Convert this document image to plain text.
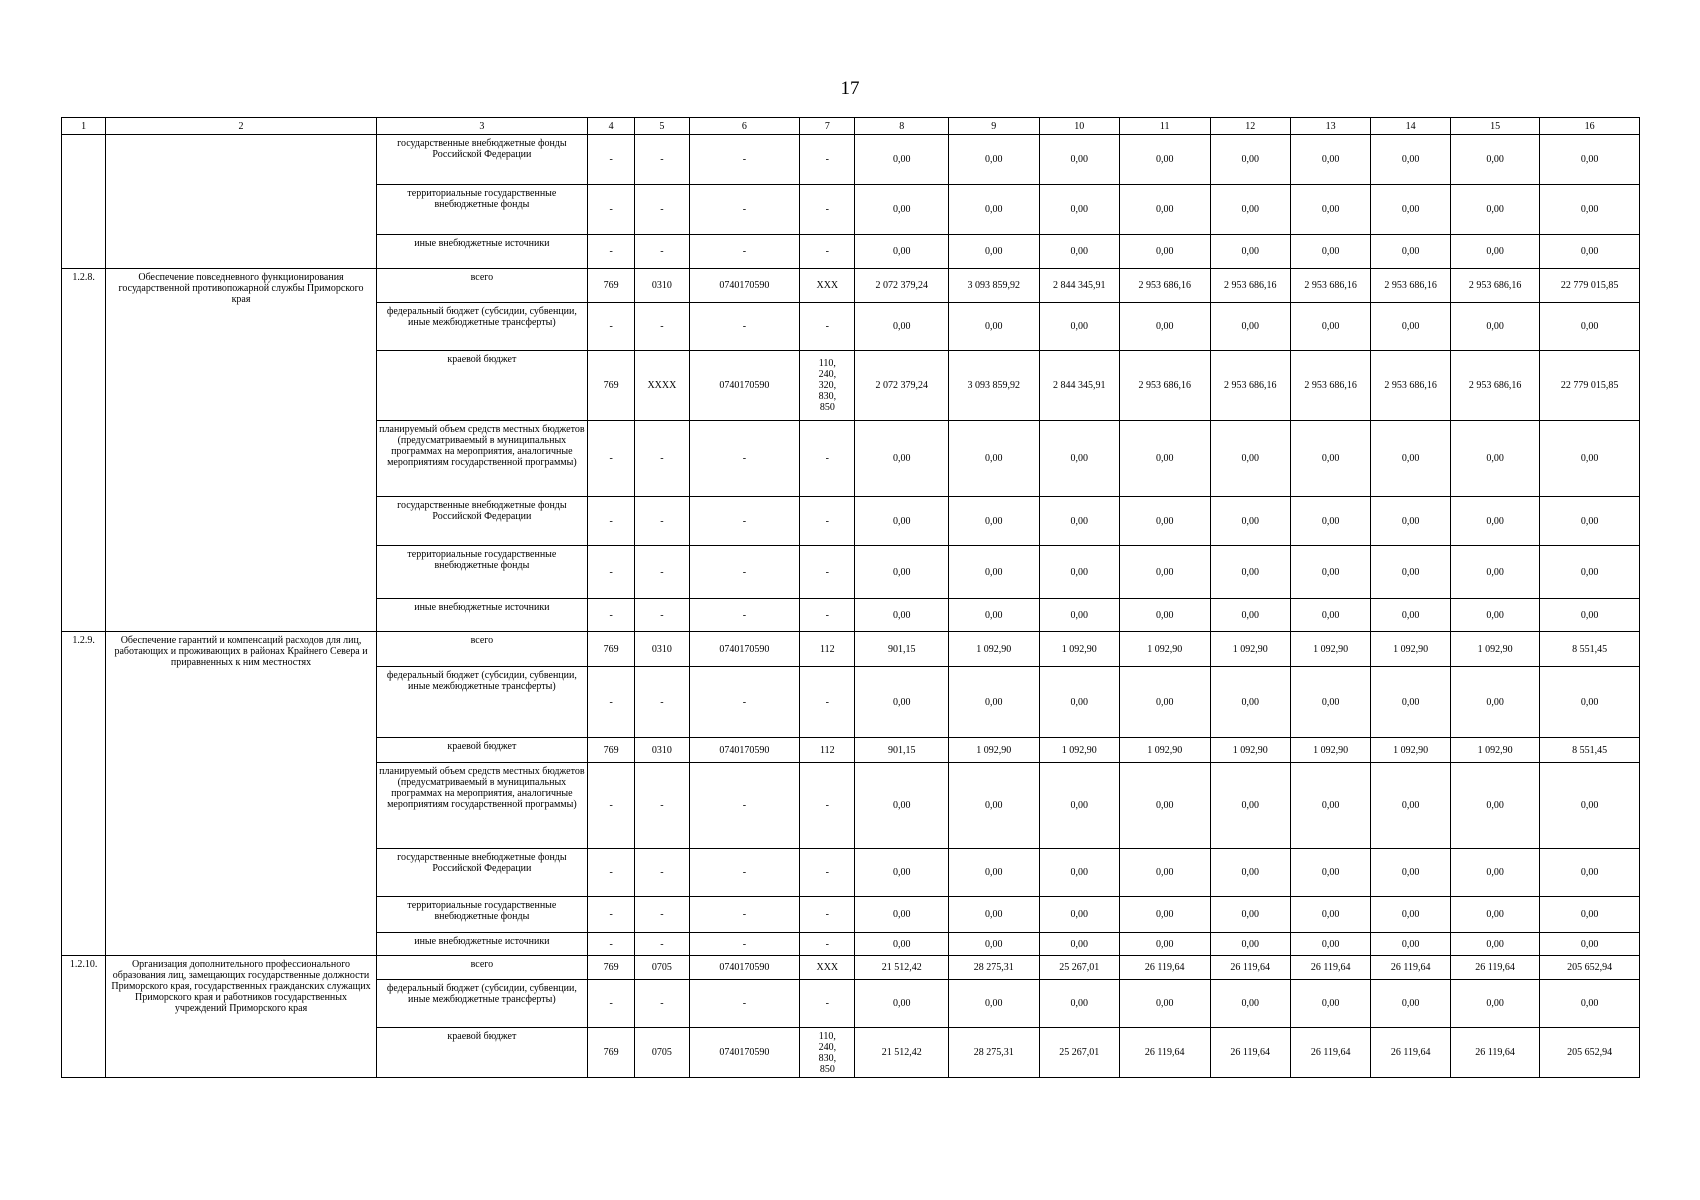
17
1	2	3	4	5	6	7	8	9	10	11	12	13	14	15	16
		государственные внебюджетные фонды Российской Федерации	-	-	-	-	0,00	0,00	0,00	0,00	0,00	0,00	0,00	0,00	0,00
		территориальные государственные внебюджетные фонды	-	-	-	-	0,00	0,00	0,00	0,00	0,00	0,00	0,00	0,00	0,00
		иные внебюджетные источники	-	-	-	-	0,00	0,00	0,00	0,00	0,00	0,00	0,00	0,00	0,00
1.2.8.	Обеспечение повседневного функционирования государственной противопожарной службы Приморского края	всего	769	0310	0740170590	XXX	2 072 379,24	3 093 859,92	2 844 345,91	2 953 686,16	2 953 686,16	2 953 686,16	2 953 686,16	2 953 686,16	22 779 015,85
		федеральный бюджет (субсидии, субвенции, иные межбюджетные трансферты)	-	-	-	-	0,00	0,00	0,00	0,00	0,00	0,00	0,00	0,00	0,00
		краевой бюджет	769	XXXX	0740170590	110,
240,
320,
830,
850	2 072 379,24	3 093 859,92	2 844 345,91	2 953 686,16	2 953 686,16	2 953 686,16	2 953 686,16	2 953 686,16	22 779 015,85
		планируемый объем средств местных бюджетов (предусматриваемый в муниципальных программах на мероприятия, аналогичные мероприятиям государственной программы)	-	-	-	-	0,00	0,00	0,00	0,00	0,00	0,00	0,00	0,00	0,00
		государственные внебюджетные фонды Российской Федерации	-	-	-	-	0,00	0,00	0,00	0,00	0,00	0,00	0,00	0,00	0,00
		территориальные государственные внебюджетные фонды	-	-	-	-	0,00	0,00	0,00	0,00	0,00	0,00	0,00	0,00	0,00
		иные внебюджетные источники	-	-	-	-	0,00	0,00	0,00	0,00	0,00	0,00	0,00	0,00	0,00
1.2.9.	Обеспечение гарантий и компенсаций расходов для лиц, работающих и проживающих в районах Крайнего Севера и приравненных к ним местностях	всего	769	0310	0740170590	112	901,15	1 092,90	1 092,90	1 092,90	1 092,90	1 092,90	1 092,90	1 092,90	8 551,45
		федеральный бюджет (субсидии, субвенции, иные межбюджетные трансферты)	-	-	-	-	0,00	0,00	0,00	0,00	0,00	0,00	0,00	0,00	0,00
		краевой бюджет	769	0310	0740170590	112	901,15	1 092,90	1 092,90	1 092,90	1 092,90	1 092,90	1 092,90	1 092,90	8 551,45
		планируемый объем средств местных бюджетов (предусматриваемый в муниципальных программах на мероприятия, аналогичные мероприятиям государственной программы)	-	-	-	-	0,00	0,00	0,00	0,00	0,00	0,00	0,00	0,00	0,00
		государственные внебюджетные фонды Российской Федерации	-	-	-	-	0,00	0,00	0,00	0,00	0,00	0,00	0,00	0,00	0,00
		территориальные государственные внебюджетные фонды	-	-	-	-	0,00	0,00	0,00	0,00	0,00	0,00	0,00	0,00	0,00
		иные внебюджетные источники	-	-	-	-	0,00	0,00	0,00	0,00	0,00	0,00	0,00	0,00	0,00
1.2.10.	Организация дополнительного профессионального образования лиц, замещающих государственные должности Приморского края, государственных гражданских служащих Приморского края и работников государственных учреждений Приморского края	всего	769	0705	0740170590	XXX	21 512,42	28 275,31	25 267,01	26 119,64	26 119,64	26 119,64	26 119,64	26 119,64	205 652,94
		федеральный бюджет (субсидии, субвенции, иные межбюджетные трансферты)	-	-	-	-	0,00	0,00	0,00	0,00	0,00	0,00	0,00	0,00	0,00
		краевой бюджет	769	0705	0740170590	110,
240,
830,
850	21 512,42	28 275,31	25 267,01	26 119,64	26 119,64	26 119,64	26 119,64	26 119,64	205 652,94
